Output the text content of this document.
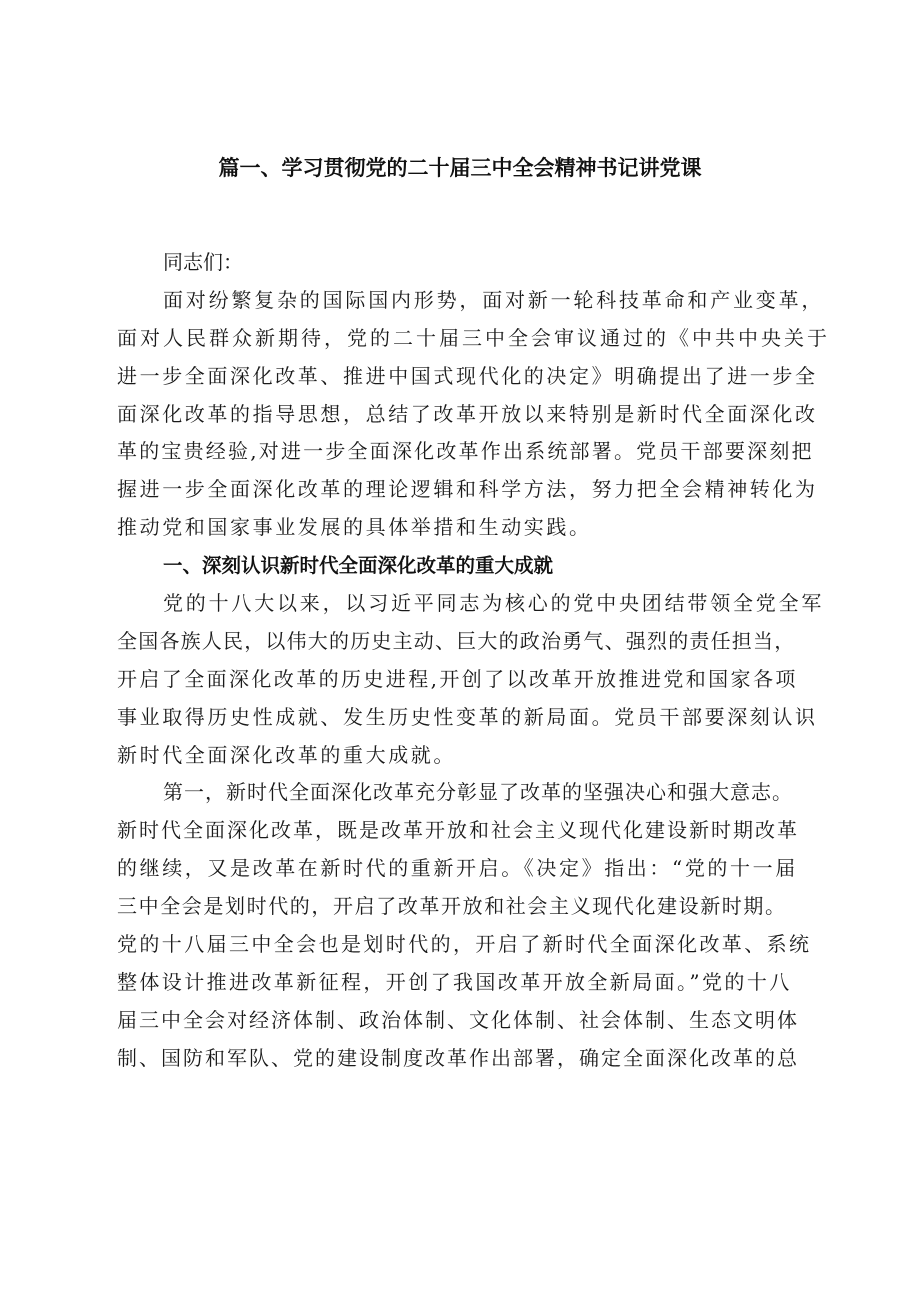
篇一、学习贯彻党的二十届三中全会精神书记讲党课
同志们：
面对纷繁复杂的国际国内形势，面对新一轮科技革命和产业变革，
面对人民群众新期待，党的二十届三中全会审议通过的《中共中央关于
进一步全面深化改革、推进中国式现代化的决定》明确提出了进一步全
面深化改革的指导思想，总结了改革开放以来特别是新时代全面深化改
革的宝贵经验,对进一步全面深化改革作出系统部署。党员干部要深刻把
握进一步全面深化改革的理论逻辑和科学方法，努力把全会精神转化为
推动党和国家事业发展的具体举措和生动实践。
一、深刻认识新时代全面深化改革的重大成就
党的十八大以来，以习近平同志为核心的党中央团结带领全党全军
全国各族人民，以伟大的历史主动、巨大的政治勇气、强烈的责任担当，
开启了全面深化改革的历史进程,开创了以改革开放推进党和国家各项
事业取得历史性成就、发生历史性变革的新局面。党员干部要深刻认识
新时代全面深化改革的重大成就。
第一，新时代全面深化改革充分彰显了改革的坚强决心和强大意志。
新时代全面深化改革，既是改革开放和社会主义现代化建设新时期改革
的继续，又是改革在新时代的重新开启。《决定》指出：“党的十一届
三中全会是划时代的，开启了改革开放和社会主义现代化建设新时期。
党的十八届三中全会也是划时代的，开启了新时代全面深化改革、系统
整体设计推进改革新征程，开创了我国改革开放全新局面。”党的十八
届三中全会对经济体制、政治体制、文化体制、社会体制、生态文明体
制、国防和军队、党的建设制度改革作出部署，确定全面深化改革的总
